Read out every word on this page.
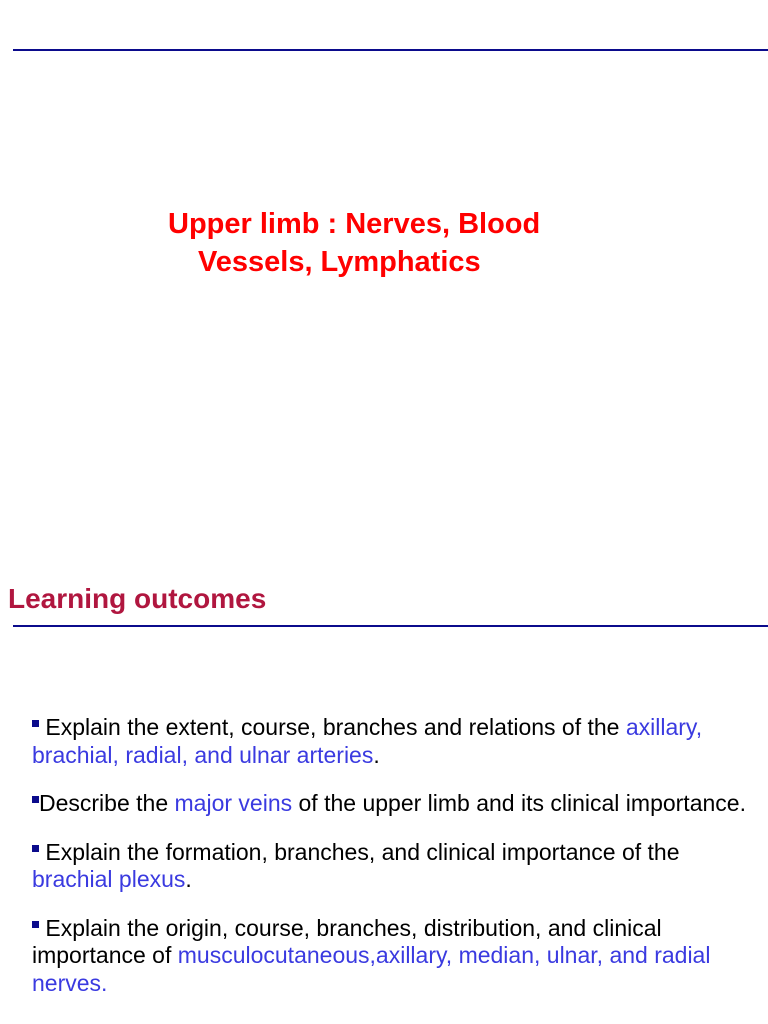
Upper limb : Nerves, Blood
Vessels, Lymphatics
Learning outcomes
Explain the extent, course, branches and relations of the axillary, brachial, radial, and ulnar arteries.
Describe the major veins of the upper limb and its clinical importance.
Explain the formation, branches, and clinical importance of the brachial plexus.
Explain the origin, course, branches, distribution, and clinical importance of musculocutaneous,axillary, median, ulnar, and radial nerves.
